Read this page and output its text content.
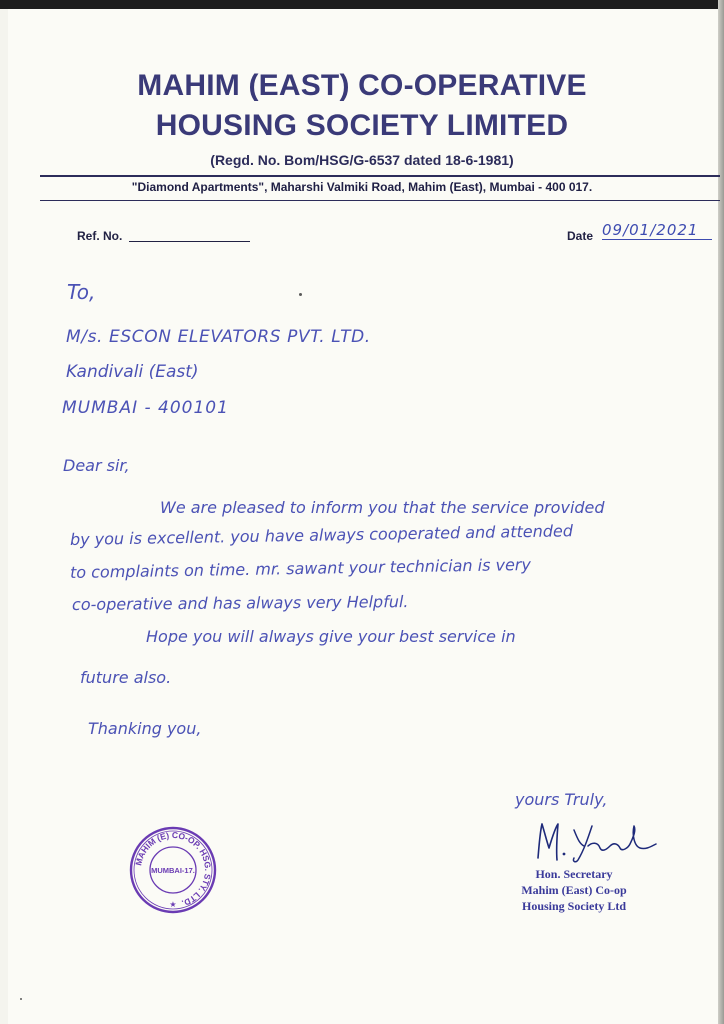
MAHIM (EAST) CO-OPERATIVE
HOUSING SOCIETY LIMITED
(Regd. No. Bom/HSG/G-6537 dated 18-6-1981)
"Diamond Apartments", Maharshi Valmiki Road, Mahim (East), Mumbai - 400 017.
Ref. No.	Date 09/01/2021
To,
M/s. ESCON ELEVATORS PVT. LTD.
Kandivali (East)
MUMBAI - 400101
Dear sir,
We are pleased to inform you that the service provided
by you is excellent. you have always cooperated and attended
to complaints on time. mr. sawant your technician is very
co-operative and has always very Helpful.
Hope you will always give your best service in
future also.
Thanking you,
yours Truly,
Hon. Secretary
Mahim (East) Co-op
Housing Society Ltd
MAHIM (E) CO-OP. HSG. STY. LTD.
MUMBAI-17.
★
